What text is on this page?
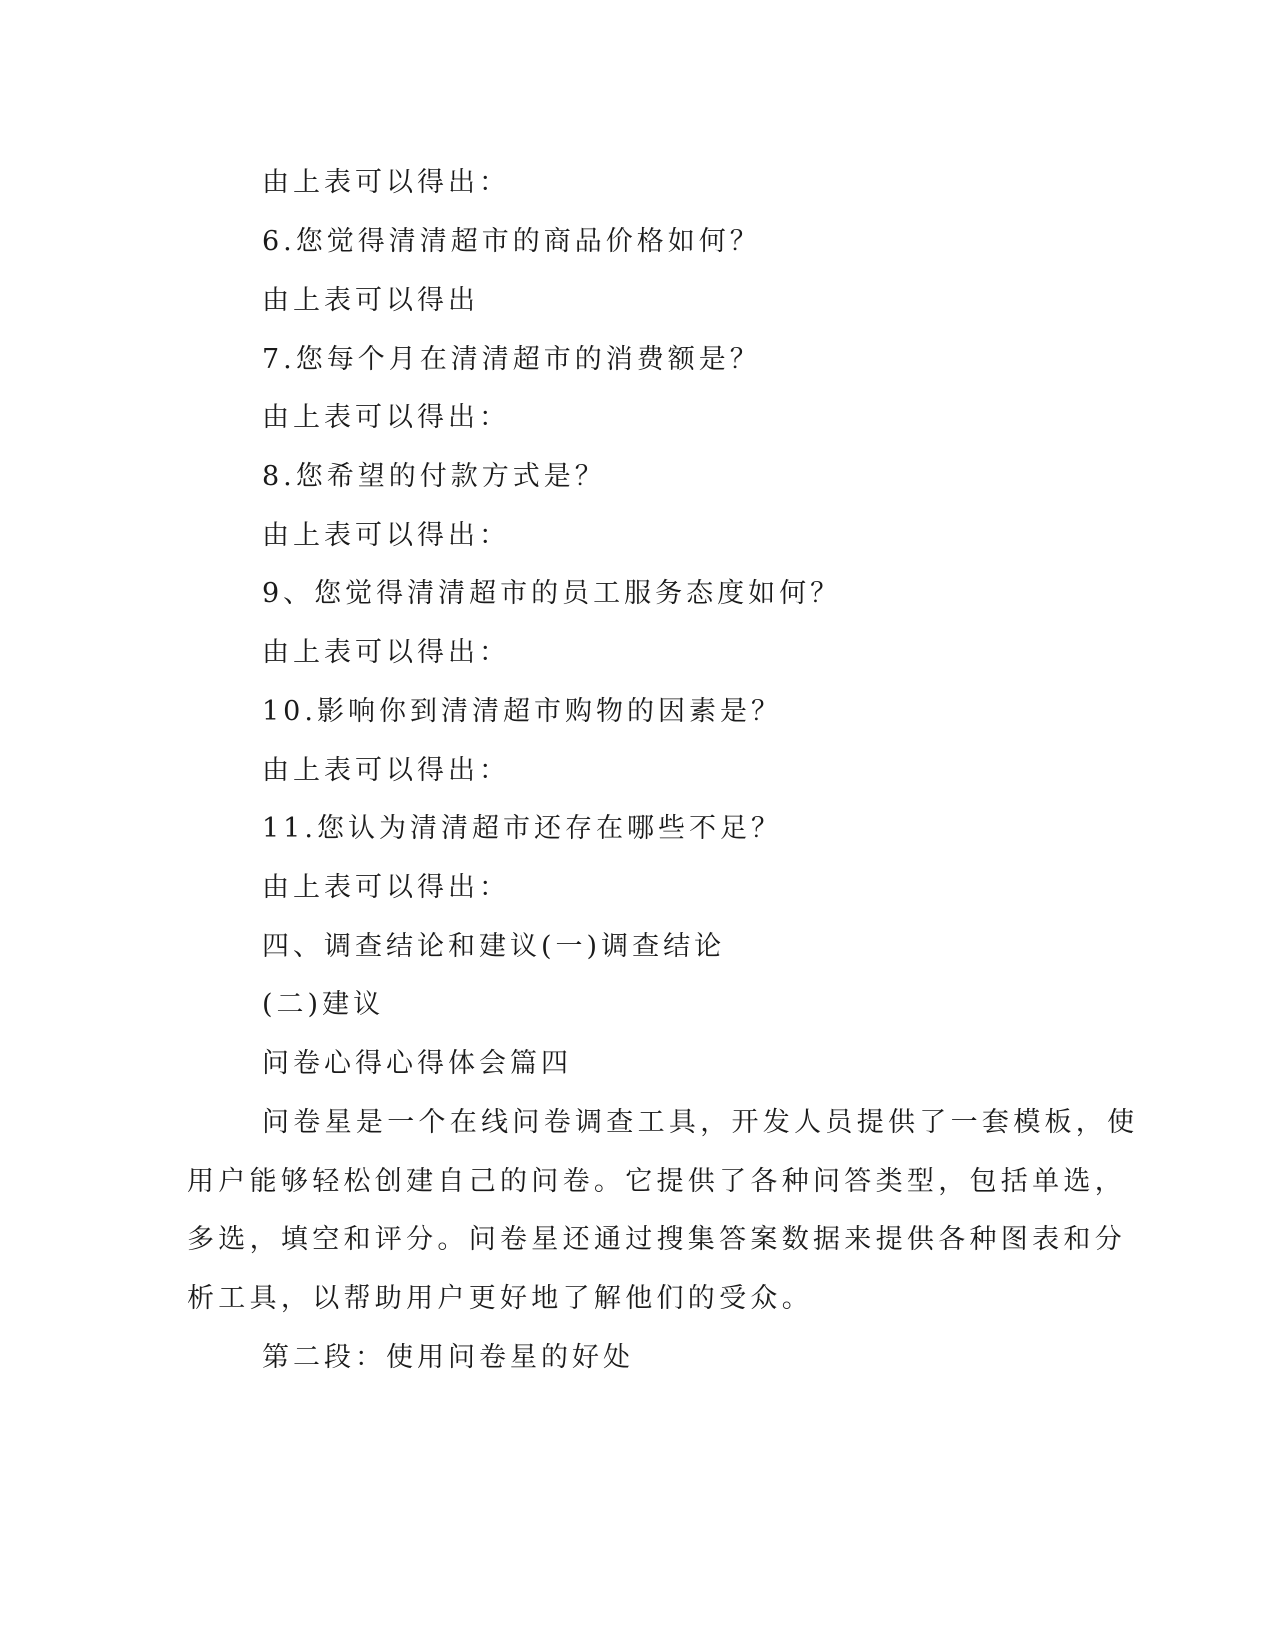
由上表可以得出：
6.您觉得清清超市的商品价格如何？
由上表可以得出
7.您每个月在清清超市的消费额是？
由上表可以得出：
8.您希望的付款方式是？
由上表可以得出：
9、您觉得清清超市的员工服务态度如何？
由上表可以得出：
10.影响你到清清超市购物的因素是？
由上表可以得出：
11.您认为清清超市还存在哪些不足？
由上表可以得出：
四、调查结论和建议(一)调查结论
(二)建议
问卷心得心得体会篇四
问卷星是一个在线问卷调查工具，开发人员提供了一套模板，使
用户能够轻松创建自己的问卷。它提供了各种问答类型，包括单选，
多选，填空和评分。问卷星还通过搜集答案数据来提供各种图表和分
析工具，以帮助用户更好地了解他们的受众。
第二段：使用问卷星的好处
